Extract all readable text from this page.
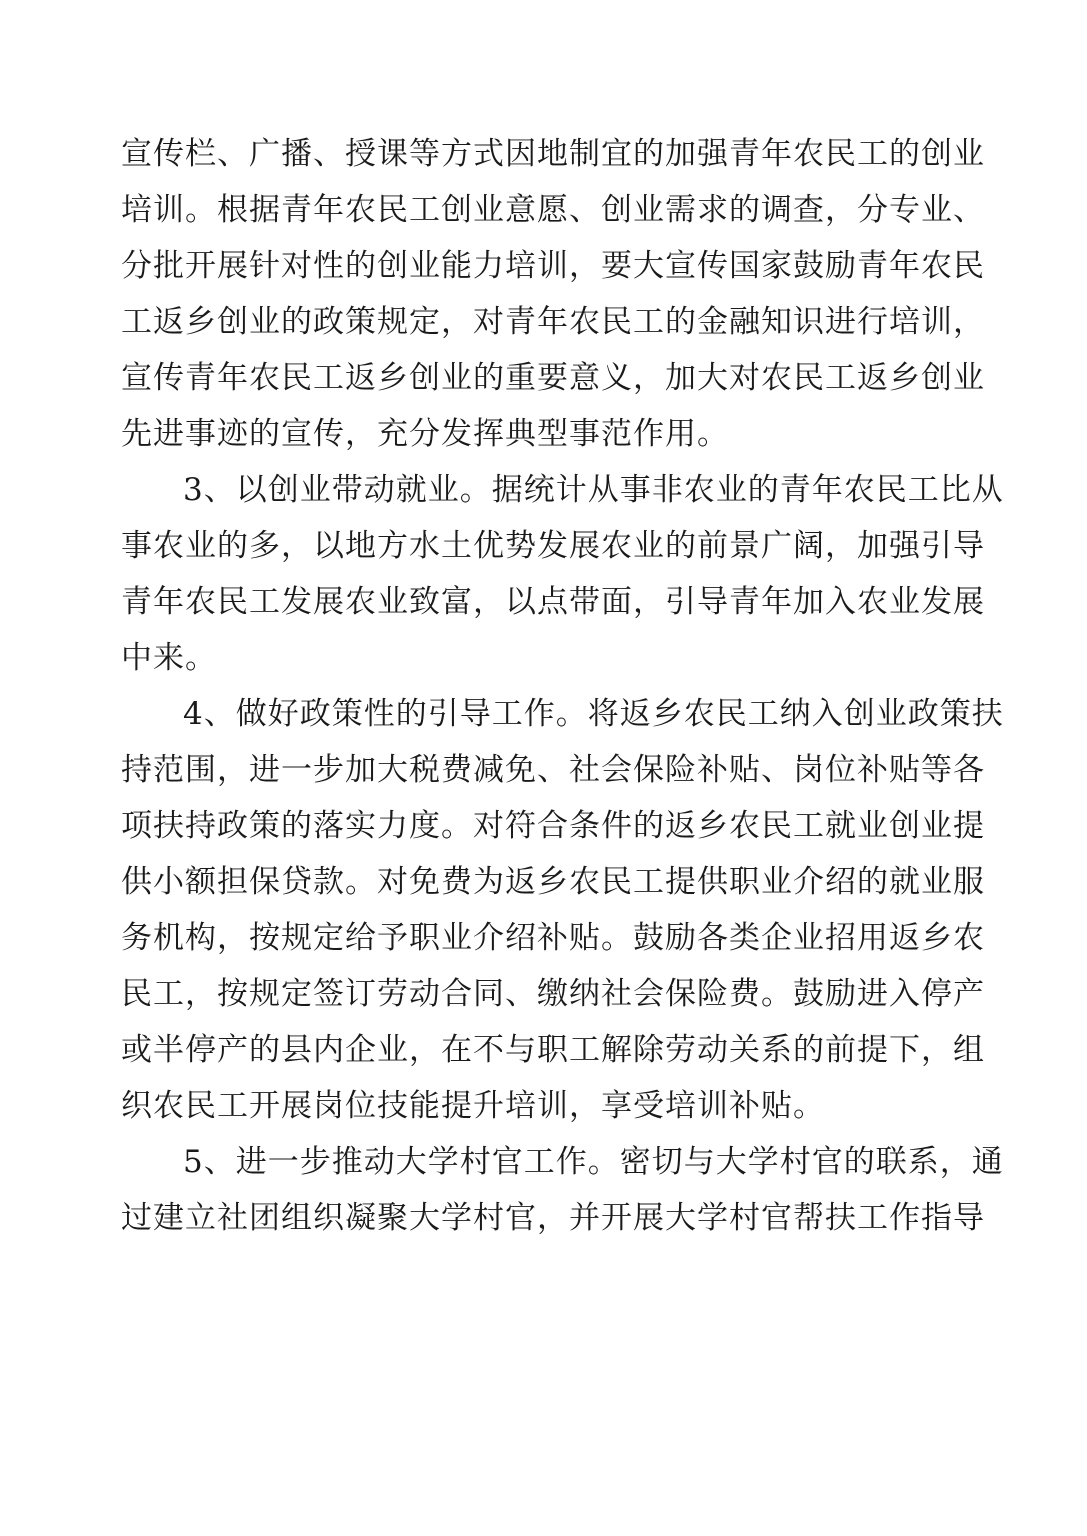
宣传栏、广播、授课等方式因地制宜的加强青年农民工的创业
培训。根据青年农民工创业意愿、创业需求的调查，分专业、
分批开展针对性的创业能力培训，要大宣传国家鼓励青年农民
工返乡创业的政策规定，对青年农民工的金融知识进行培训，
宣传青年农民工返乡创业的重要意义，加大对农民工返乡创业
先进事迹的宣传，充分发挥典型事范作用。
3、以创业带动就业。据统计从事非农业的青年农民工比从
事农业的多，以地方水土优势发展农业的前景广阔，加强引导
青年农民工发展农业致富，以点带面，引导青年加入农业发展
中来。
4、做好政策性的引导工作。将返乡农民工纳入创业政策扶
持范围，进一步加大税费减免、社会保险补贴、岗位补贴等各
项扶持政策的落实力度。对符合条件的返乡农民工就业创业提
供小额担保贷款。对免费为返乡农民工提供职业介绍的就业服
务机构，按规定给予职业介绍补贴。鼓励各类企业招用返乡农
民工，按规定签订劳动合同、缴纳社会保险费。鼓励进入停产
或半停产的县内企业，在不与职工解除劳动关系的前提下，组
织农民工开展岗位技能提升培训，享受培训补贴。
5、进一步推动大学村官工作。密切与大学村官的联系，通
过建立社团组织凝聚大学村官，并开展大学村官帮扶工作指导
